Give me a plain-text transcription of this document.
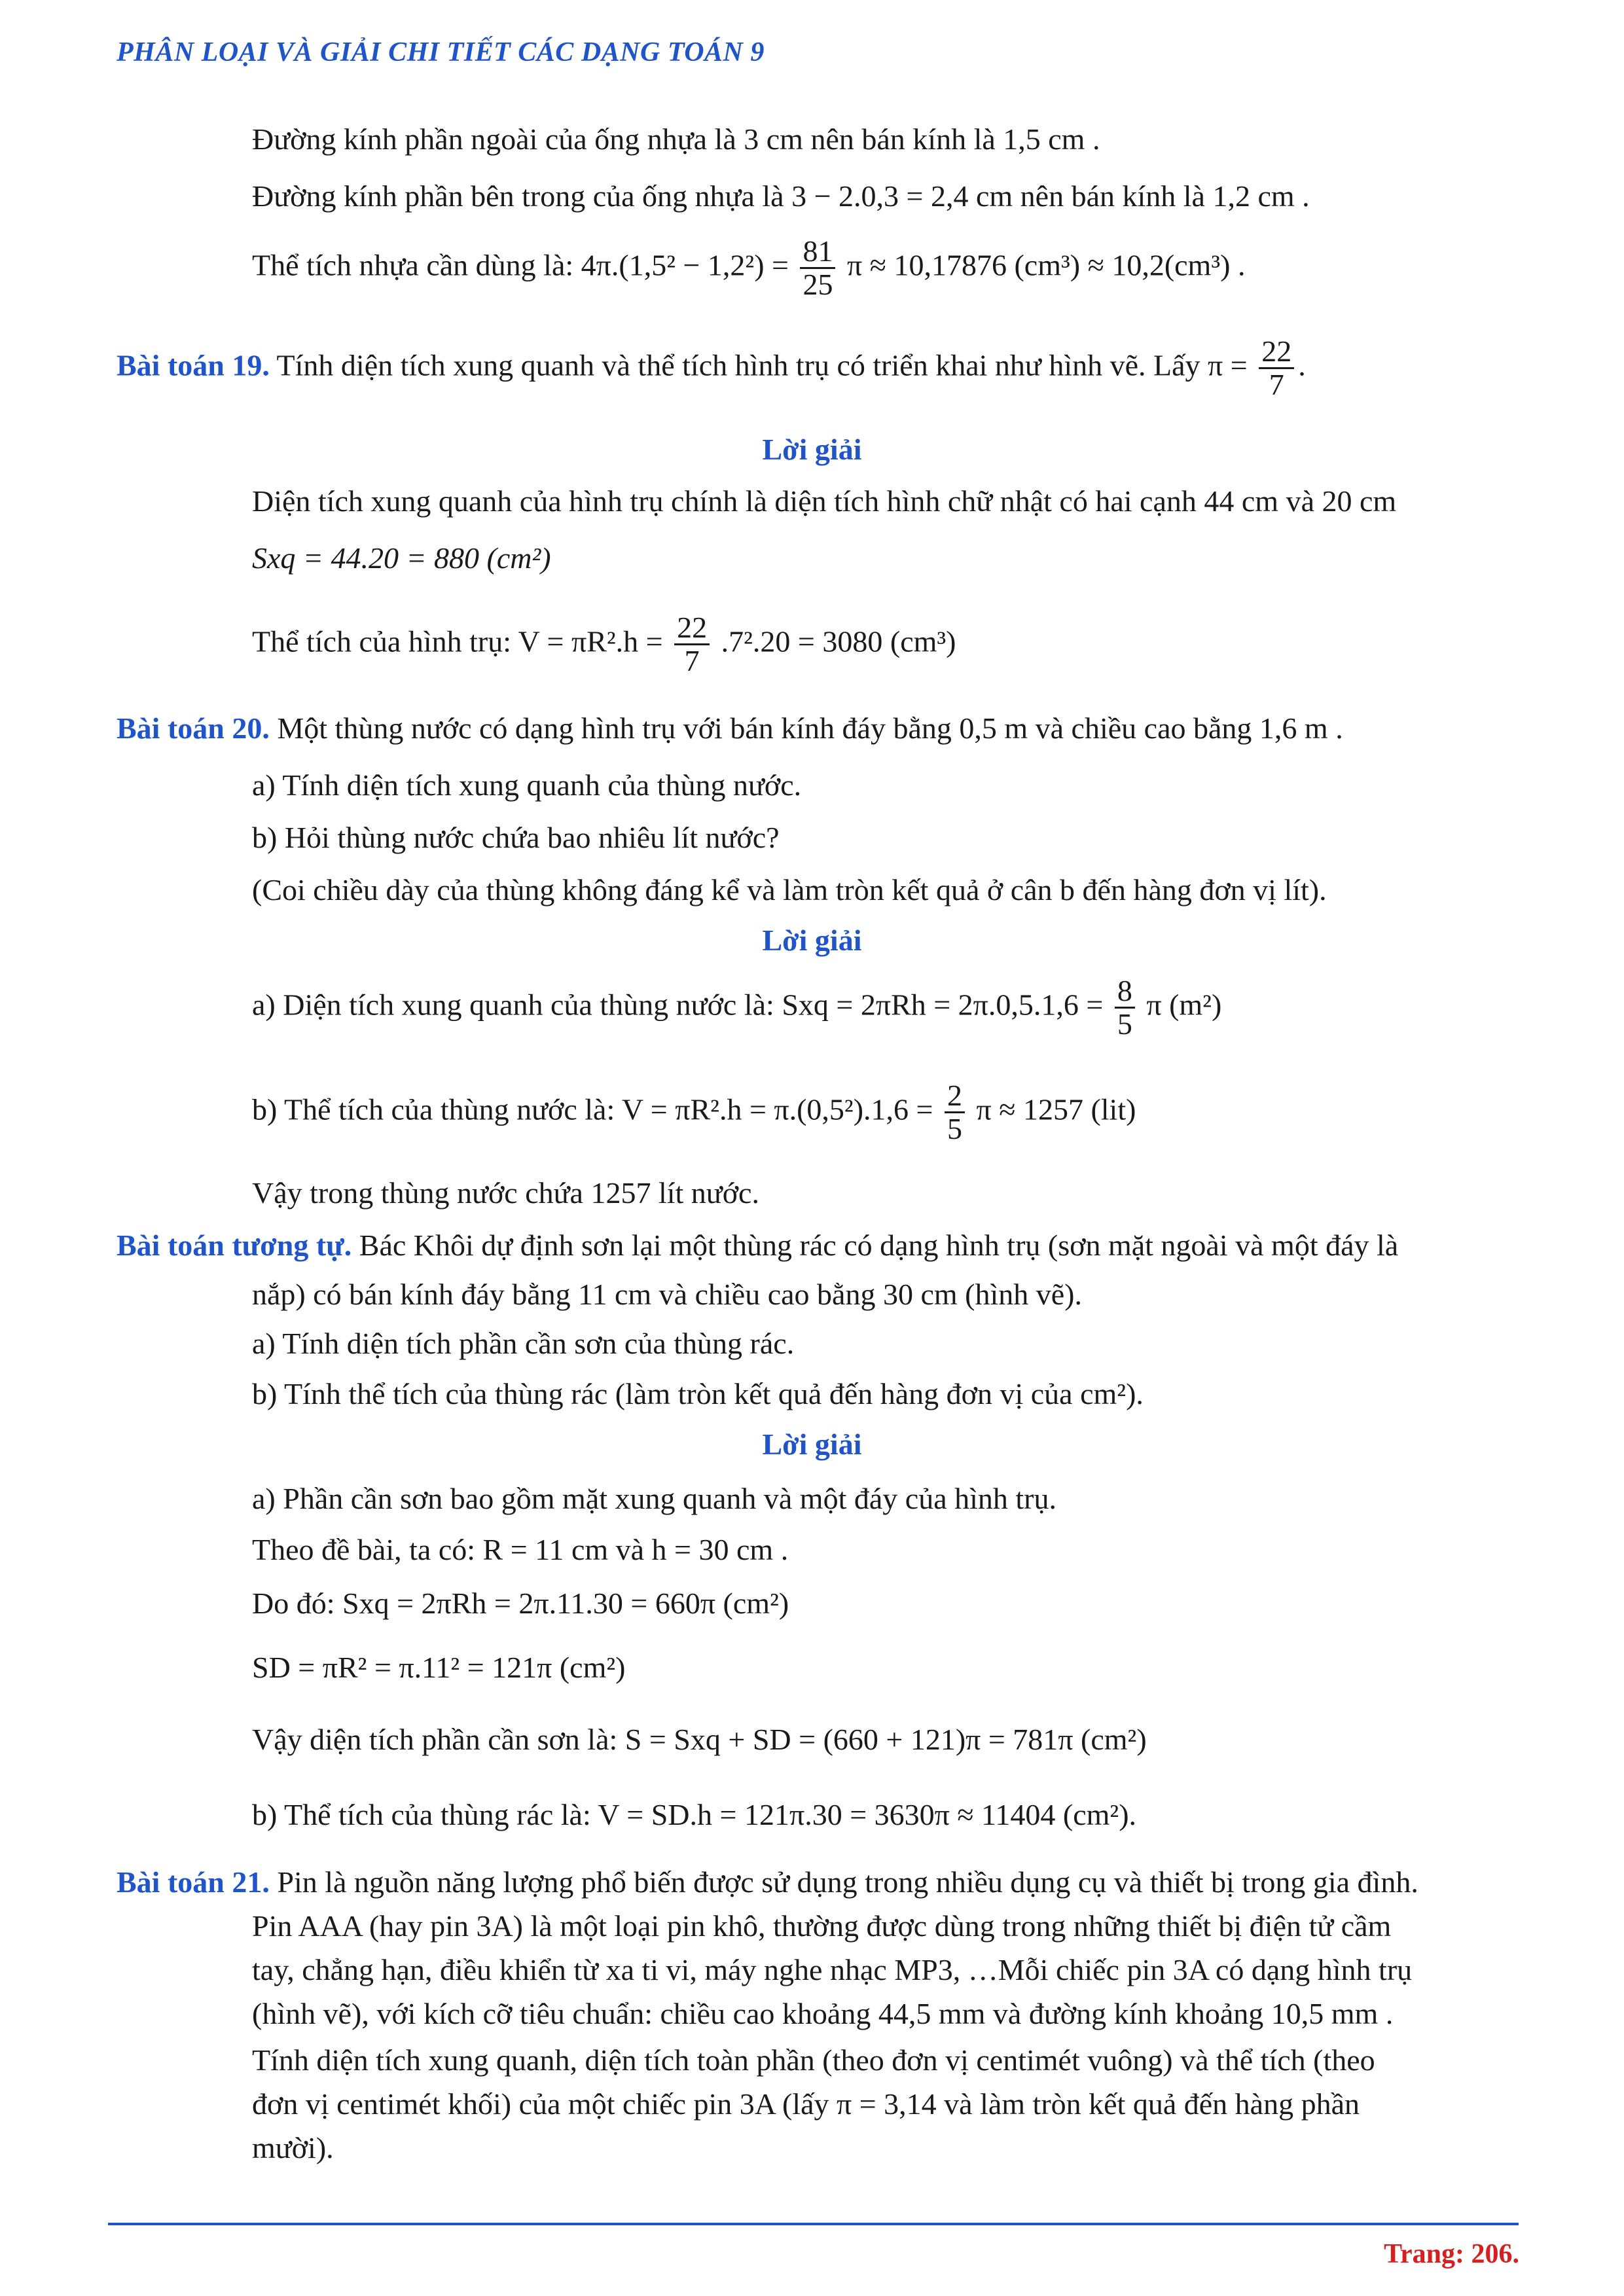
PHÂN LOẠI VÀ GIẢI CHI TIẾT CÁC DẠNG TOÁN 9
Đường kính phần ngoài của ống nhựa là 3 cm nên bán kính là 1,5 cm .
Đường kính phần bên trong của ống nhựa là 3 − 2.0,3 = 2,4 cm nên bán kính là 1,2 cm .
Thể tích nhựa cần dùng là: $4\pi.(1,5^2 - 1,2^2) = \frac{81}{25}$ π ≈ 10,17876 (cm³) ≈ 10,2(cm³) .
Bài toán 19. Tính diện tích xung quanh và thể tích hình trụ có triển khai như hình vẽ. Lấy $\pi = \frac{22}{7}$ .
Lời giải
Diện tích xung quanh của hình trụ chính là diện tích hình chữ nhật có hai cạnh 44 cm và 20 cm
Sxq = 44.20 = 880 (cm²)
Thể tích của hình trụ: $V = \pi R^2.h = \frac{22}{7} .7^2.20 = 3080$ (cm³)
Bài toán 20. Một thùng nước có dạng hình trụ với bán kính đáy bằng 0,5 m và chiều cao bằng 1,6 m .
a) Tính diện tích xung quanh của thùng nước.
b) Hỏi thùng nước chứa bao nhiêu lít nước?
(Coi chiều dày của thùng không đáng kể và làm tròn kết quả ở cân b đến hàng đơn vị lít).
Lời giải
a) Diện tích xung quanh của thùng nước là: Sxq = $2\pi Rh = 2\pi.0,5.1,6 = \frac{8}{5}$ π (m²)
b) Thể tích của thùng nước là: $V = \pi R^2.h = \pi.(0,5^2).1,6 = \frac{2}{5}$ π ≈ 1257 (lit)
Vậy trong thùng nước chứa 1257 lít nước.
Bài toán tương tự. Bác Khôi dự định sơn lại một thùng rác có dạng hình trụ (sơn mặt ngoài và một đáy là
nắp) có bán kính đáy bằng 11 cm và chiều cao bằng 30 cm (hình vẽ).
a) Tính diện tích phần cần sơn của thùng rác.
b) Tính thể tích của thùng rác (làm tròn kết quả đến hàng đơn vị của cm²).
Lời giải
a) Phần cần sơn bao gồm mặt xung quanh và một đáy của hình trụ.
Theo đề bài, ta có: R = 11 cm và h = 30 cm .
Do đó: Sxq = 2πRh = 2π.11.30 = 660π (cm²)
SD = πR² = π.11² = 121π (cm²)
Vậy diện tích phần cần sơn là: S = Sxq + SD = (660 + 121)π = 781π (cm²)
b) Thể tích của thùng rác là: V = SD.h = 121π.30 = 3630π ≈ 11404 (cm²).
Bài toán 21. Pin là nguồn năng lượng phổ biến được sử dụng trong nhiều dụng cụ và thiết bị trong gia đình.
Pin AAA (hay pin 3A) là một loại pin khô, thường được dùng trong những thiết bị điện tử cầm
tay, chẳng hạn, điều khiển từ xa ti vi, máy nghe nhạc MP3, …Mỗi chiếc pin 3A có dạng hình trụ
(hình vẽ), với kích cỡ tiêu chuẩn: chiều cao khoảng 44,5 mm và đường kính khoảng 10,5 mm .
Tính diện tích xung quanh, diện tích toàn phần (theo đơn vị centimét vuông) và thể tích (theo
đơn vị centimét khối) của một chiếc pin 3A (lấy π = 3,14 và làm tròn kết quả đến hàng phần
mười).
Trang: 206.
